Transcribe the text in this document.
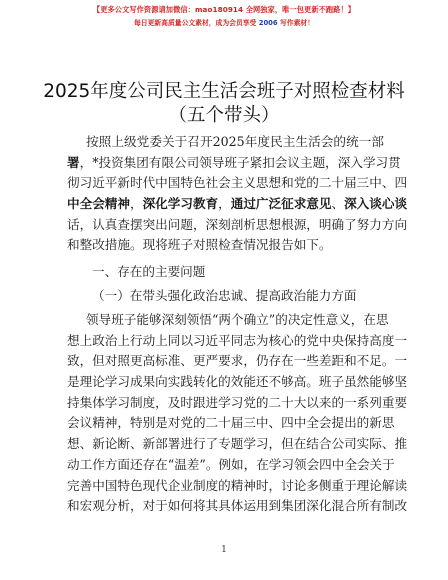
【更多公文写作资源请加微信：mao180914 全网独家，唯一包更新不跑路！】
每日更新高质量公文素材，成为会员享受 2006 写作素材！
2025年度公司民主生活会班子对照检查材料
（五个带头）
按照上级党委关于召开2025年度民主生活会的统一部
署，*投资集团有限公司领导班子紧扣会议主题，深入学习贯
彻习近平新时代中国特色社会主义思想和党的二十届三中、四
中全会精神，深化学习教育，通过广泛征求意见、深入谈心谈
话，认真查摆突出问题，深刻剖析思想根源，明确了努力方向
和整改措施。现将班子对照检查情况报告如下。
一、存在的主要问题
（一）在带头强化政治忠诚、提高政治能力方面
领导班子能够深刻领悟“两个确立”的决定性意义，在思
想上政治上行动上同以习近平同志为核心的党中央保持高度一
致，但对照更高标准、更严要求，仍存在一些差距和不足。一
是理论学习成果向实践转化的效能还不够高。班子虽然能够坚
持集体学习制度，及时跟进学习党的二十大以来的一系列重要
会议精神，特别是对党的二十届三中、四中全会提出的新思
想、新论断、新部署进行了专题学习，但在结合公司实际、推
动工作方面还存在“温差”。例如，在学习领会四中全会关于
完善中国特色现代企业制度的精神时，讨论多侧重于理论解读
和宏观分析，对于如何将其具体运用到集团深化混合所有制改
1
